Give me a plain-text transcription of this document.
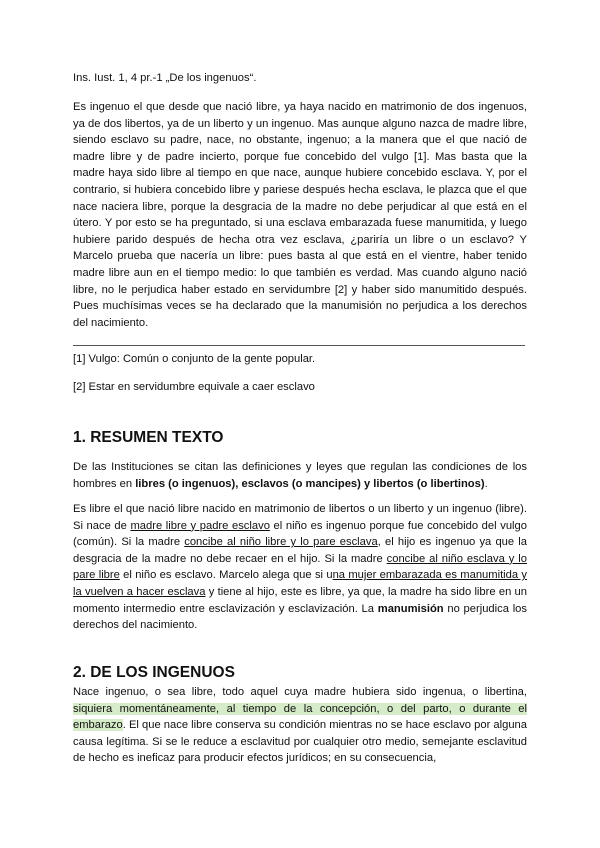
Ins. Iust. 1, 4 pr.-1 „De los ingenuos“.

Es ingenuo el que desde que nació libre, ya haya nacido en matrimonio de dos ingenuos, ya de dos libertos, ya de un liberto y un ingenuo. Mas aunque alguno nazca de madre libre, siendo esclavo su padre, nace, no obstante, ingenuo; a la manera que el que nació de madre libre y de padre incierto, porque fue concebido del vulgo [1]. Mas basta que la madre haya sido libre al tiempo en que nace, aunque hubiere concebido esclava. Y, por el contrario, si hubiera concebido libre y pariese después hecha esclava, le plazca que el que nace naciera libre, porque la desgracia de la madre no debe perjudicar al que está en el útero. Y por esto se ha preguntado, si una esclava embarazada fuese manumitida, y luego hubiere parido después de hecha otra vez esclava, ¿pariría un libre o un esclavo? Y Marcelo prueba que nacería un libre: pues basta al que está en el vientre, haber tenido madre libre aun en el tiempo medio: lo que también es verdad. Mas cuando alguno nació libre, no le perjudica haber estado en servidumbre [2] y haber sido manumitido después. Pues muchísimas veces se ha declarado que la manumisión no perjudica a los derechos del nacimiento.

[1] Vulgo: Común o conjunto de la gente popular.

[2] Estar en servidumbre equivale a caer esclavo

1. RESUMEN TEXTO

De las Instituciones se citan las definiciones y leyes que regulan las condiciones de los hombres en libres (o ingenuos), esclavos (o mancipes) y libertos (o libertinos).

Es libre el que nació libre nacido en matrimonio de libertos o un liberto y un ingenuo (libre). Si nace de madre libre y padre esclavo el niño es ingenuo porque fue concebido del vulgo (común). Si la madre concibe al niño libre y lo pare esclava, el hijo es ingenuo ya que la desgracia de la madre no debe recaer en el hijo. Si la madre concibe al niño esclava y lo pare libre el niño es esclavo. Marcelo alega que si una mujer embarazada es manumitida y la vuelven a hacer esclava y tiene al hijo, este es libre, ya que, la madre ha sido libre en un momento intermedio entre esclavización y esclavización. La manumisión no perjudica los derechos del nacimiento.

2. DE LOS INGENUOS

Nace ingenuo, o sea libre, todo aquel cuya madre hubiera sido ingenua, o libertina, siquiera momentáneamente, al tiempo de la concepción, o del parto, o durante el embarazo. El que nace libre conserva su condición mientras no se hace esclavo por alguna causa legítima. Si se le reduce a esclavitud por cualquier otro medio, semejante esclavitud de hecho es ineficaz para producir efectos jurídicos; en su consecuencia,
